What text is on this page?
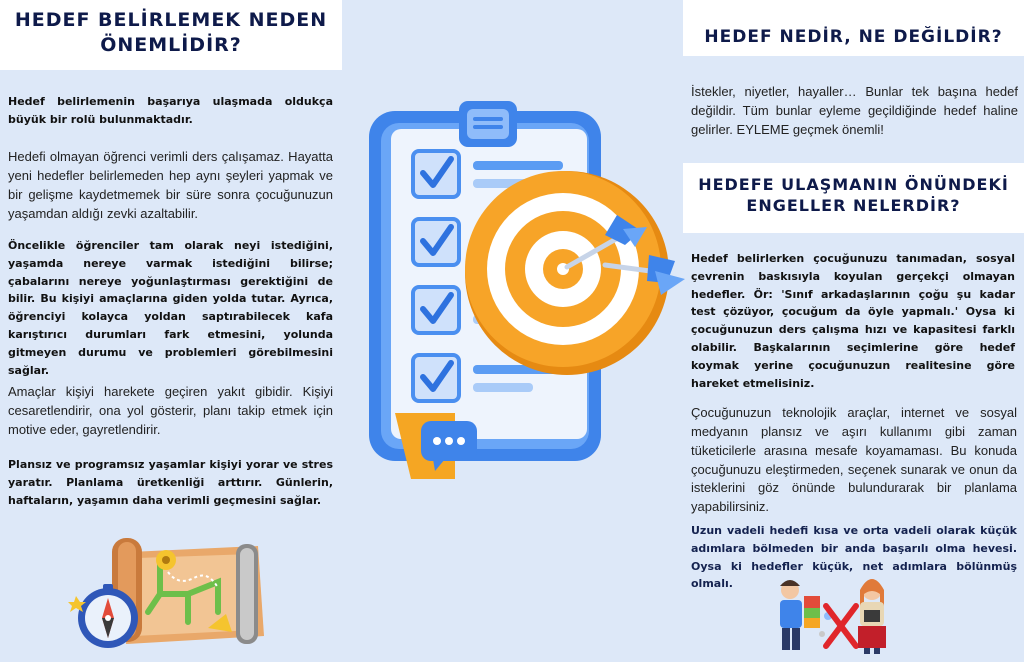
HEDEF BELİRLEMEK NEDEN ÖNEMLİDİR?

Hedef belirlemenin başarıya ulaşmada oldukça büyük bir rolü bulunmaktadır.

Hedefi olmayan öğrenci verimli ders çalışamaz. Hayatta yeni hedefler belirlemeden hep aynı şeyleri yapmak ve bir gelişme kaydetmemek bir süre sonra çocuğunuzun yaşamdan aldığı zevki azaltabilir.

Öncelikle öğrenciler tam olarak neyi istediğini, yaşamda nereye varmak istediğini bilirse; çabalarını nereye yoğunlaştırması gerektiğini de bilir. Bu kişiyi amaçlarına giden yolda tutar. Ayrıca, öğrenciyi kolayca yoldan saptırabilecek kafa karıştırıcı durumları fark etmesini, yolunda gitmeyen durumu ve problemleri görebilmesini sağlar.

Amaçlar kişiyi harekete geçiren yakıt gibidir. Kişiyi cesaretlendirir, ona yol gösterir, planı takip etmek için motive eder, gayretlendirir.

Plansız ve programsız yaşamlar kişiyi yorar ve stres yaratır. Planlama üretkenliği arttırır. Günlerin, haftaların, yaşamın daha verimli geçmesini sağlar.

HEDEF NEDİR, NE DEĞİLDİR?

İstekler, niyetler, hayaller… Bunlar tek başına hedef değildir. Tüm bunlar eyleme geçildiğinde hedef haline gelirler. EYLEME geçmek önemli!

HEDEFE ULAŞMANIN ÖNÜNDEKİ ENGELLER NELERDİR?

Hedef belirlerken çocuğunuzu tanımadan, sosyal çevrenin baskısıyla koyulan gerçekçi olmayan hedefler. Ör: 'Sınıf arkadaşlarının çoğu şu kadar test çözüyor, çocuğum da öyle yapmalı.' Oysa ki çocuğunuzun ders çalışma hızı ve kapasitesi farklı olabilir. Başkalarının seçimlerine göre hedef koymak yerine çocuğunuzun realitesine göre hareket etmelisiniz.

Çocuğunuzun teknolojik araçlar, internet ve sosyal medyanın plansız ve aşırı kullanımı gibi zaman tüketicilerle arasına mesafe koyamaması. Bu konuda çocuğunuzu eleştirmeden, seçenek sunarak ve onun da isteklerini göz önünde bulundurarak bir planlama yapabilirsiniz.

Uzun vadeli hedefi kısa ve orta vadeli olarak küçük adımlara bölmeden bir anda başarılı olma hevesi. Oysa ki hedefler küçük, net adımlara bölünmüş olmalı.
